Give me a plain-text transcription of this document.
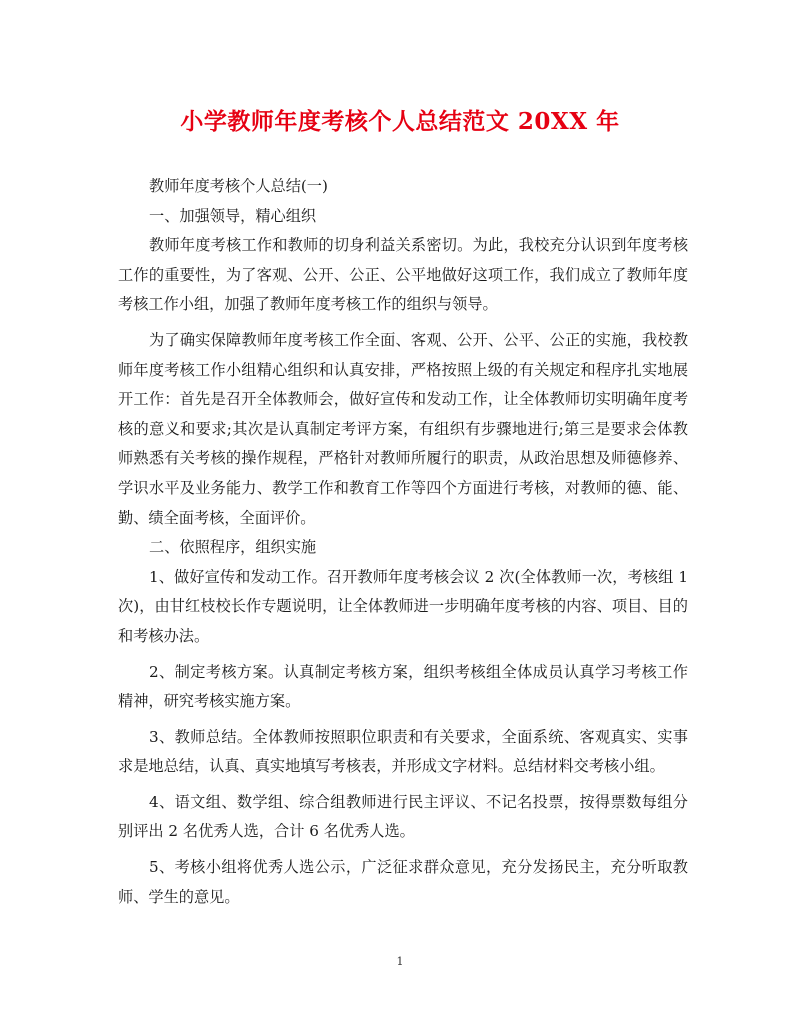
小学教师年度考核个人总结范文 20XX 年

教师年度考核个人总结(一)

一、加强领导，精心组织

教师年度考核工作和教师的切身利益关系密切。为此，我校充分认识到年度考核工作的重要性，为了客观、公开、公正、公平地做好这项工作，我们成立了教师年度考核工作小组，加强了教师年度考核工作的组织与领导。

为了确实保障教师年度考核工作全面、客观、公开、公平、公正的实施，我校教师年度考核工作小组精心组织和认真安排，严格按照上级的有关规定和程序扎实地展开工作：首先是召开全体教师会，做好宣传和发动工作，让全体教师切实明确年度考核的意义和要求;其次是认真制定考评方案，有组织有步骤地进行;第三是要求会体教师熟悉有关考核的操作规程，严格针对教师所履行的职责，从政治思想及师德修养、学识水平及业务能力、教学工作和教育工作等四个方面进行考核，对教师的德、能、勤、绩全面考核，全面评价。

二、依照程序，组织实施

1、做好宣传和发动工作。召开教师年度考核会议 2 次(全体教师一次，考核组 1 次)，由甘红枝校长作专题说明，让全体教师进一步明确年度考核的内容、项目、目的和考核办法。

2、制定考核方案。认真制定考核方案，组织考核组全体成员认真学习考核工作精神，研究考核实施方案。

3、教师总结。全体教师按照职位职责和有关要求，全面系统、客观真实、实事求是地总结，认真、真实地填写考核表，并形成文字材料。总结材料交考核小组。

4、语文组、数学组、综合组教师进行民主评议、不记名投票，按得票数每组分别评出 2 名优秀人选，合计 6 名优秀人选。

5、考核小组将优秀人选公示，广泛征求群众意见，充分发扬民主，充分听取教师、学生的意见。

1
